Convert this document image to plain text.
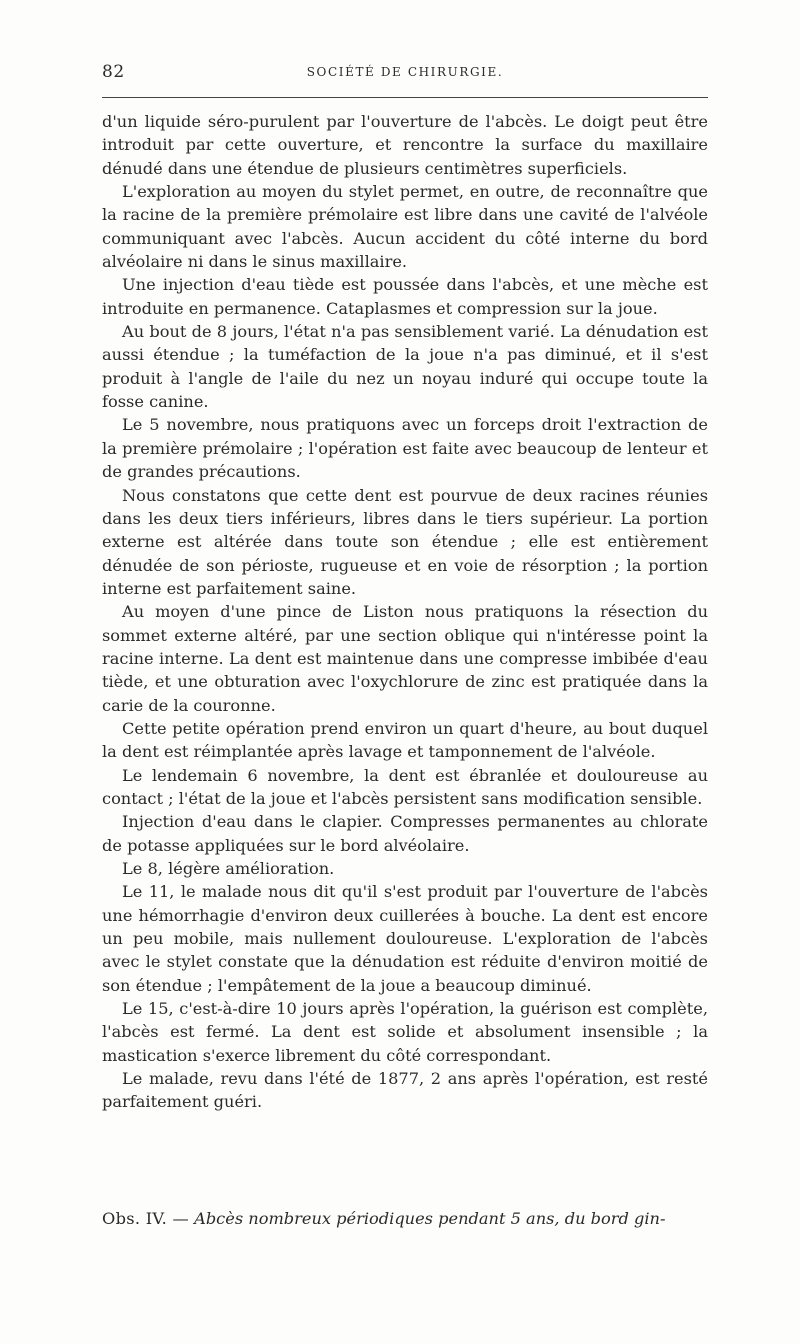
82	SOCIÉTÉ DE CHIRURGIE.

d'un liquide séro-purulent par l'ouverture de l'abcès. Le doigt peut être introduit par cette ouverture, et rencontre la surface du maxillaire dénudé dans une étendue de plusieurs centimètres superficiels.

L'exploration au moyen du stylet permet, en outre, de reconnaître que la racine de la première prémolaire est libre dans une cavité de l'alvéole communiquant avec l'abcès. Aucun accident du côté interne du bord alvéolaire ni dans le sinus maxillaire.

Une injection d'eau tiède est poussée dans l'abcès, et une mèche est introduite en permanence. Cataplasmes et compression sur la joue.

Au bout de 8 jours, l'état n'a pas sensiblement varié. La dénudation est aussi étendue ; la tuméfaction de la joue n'a pas diminué, et il s'est produit à l'angle de l'aile du nez un noyau induré qui occupe toute la fosse canine.

Le 5 novembre, nous pratiquons avec un forceps droit l'extraction de la première prémolaire ; l'opération est faite avec beaucoup de lenteur et de grandes précautions.

Nous constatons que cette dent est pourvue de deux racines réunies dans les deux tiers inférieurs, libres dans le tiers supérieur. La portion externe est altérée dans toute son étendue ; elle est entièrement dénudée de son périoste, rugueuse et en voie de résorption ; la portion interne est parfaitement saine.

Au moyen d'une pince de Liston nous pratiquons la résection du sommet externe altéré, par une section oblique qui n'intéresse point la racine interne. La dent est maintenue dans une compresse imbibée d'eau tiède, et une obturation avec l'oxychlorure de zinc est pratiquée dans la carie de la couronne.

Cette petite opération prend environ un quart d'heure, au bout duquel la dent est réimplantée après lavage et tamponnement de l'alvéole.

Le lendemain 6 novembre, la dent est ébranlée et douloureuse au contact ; l'état de la joue et l'abcès persistent sans modification sensible.

Injection d'eau dans le clapier. Compresses permanentes au chlorate de potasse appliquées sur le bord alvéolaire.

Le 8, légère amélioration.

Le 11, le malade nous dit qu'il s'est produit par l'ouverture de l'abcès une hémorrhagie d'environ deux cuillerées à bouche. La dent est encore un peu mobile, mais nullement douloureuse. L'exploration de l'abcès avec le stylet constate que la dénudation est réduite d'environ moitié de son étendue ; l'empâtement de la joue a beaucoup diminué.

Le 15, c'est-à-dire 10 jours après l'opération, la guérison est complète, l'abcès est fermé. La dent est solide et absolument insensible ; la mastication s'exerce librement du côté correspondant.

Le malade, revu dans l'été de 1877, 2 ans après l'opération, est resté parfaitement guéri.

Obs. IV. — Abcès nombreux périodiques pendant 5 ans, du bord gin-
